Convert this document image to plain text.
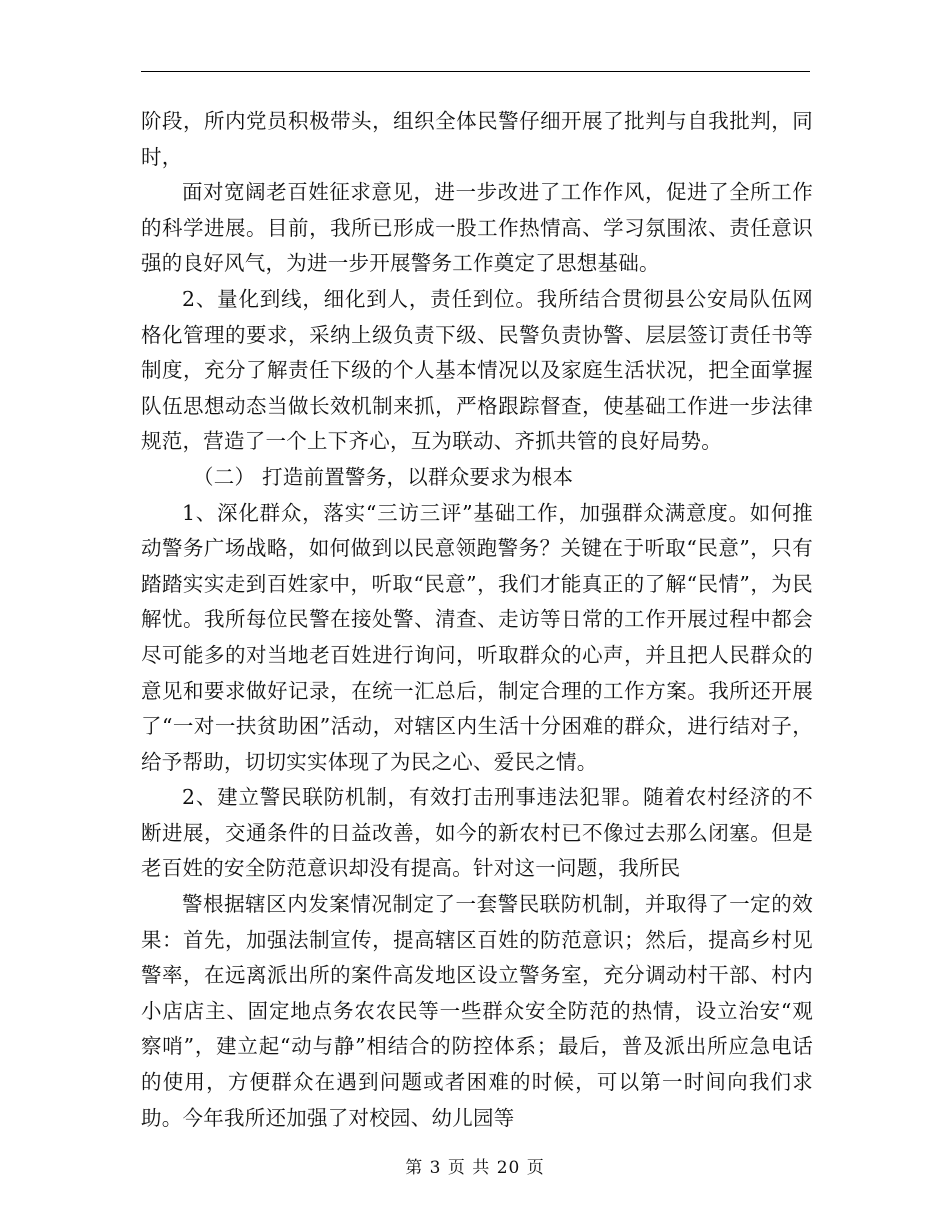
阶段，所内党员积极带头，组织全体民警仔细开展了批判与自我批判，同时，

面对宽阔老百姓征求意见，进一步改进了工作作风，促进了全所工作的科学进展。目前，我所已形成一股工作热情高、学习氛围浓、责任意识强的良好风气，为进一步开展警务工作奠定了思想基础。

2、量化到线，细化到人，责任到位。我所结合贯彻县公安局队伍网格化管理的要求，采纳上级负责下级、民警负责协警、层层签订责任书等制度，充分了解责任下级的个人基本情况以及家庭生活状况，把全面掌握队伍思想动态当做长效机制来抓，严格跟踪督查，使基础工作进一步法律规范，营造了一个上下齐心，互为联动、齐抓共管的良好局势。

（二） 打造前置警务，以群众要求为根本

1、深化群众，落实“三访三评”基础工作，加强群众满意度。如何推动警务广场战略，如何做到以民意领跑警务？关键在于听取“民意”，只有踏踏实实走到百姓家中，听取“民意”，我们才能真正的了解“民情”，为民解忧。我所每位民警在接处警、清查、走访等日常的工作开展过程中都会尽可能多的对当地老百姓进行询问，听取群众的心声，并且把人民群众的意见和要求做好记录，在统一汇总后，制定合理的工作方案。我所还开展了“一对一扶贫助困”活动，对辖区内生活十分困难的群众，进行结对子，给予帮助，切切实实体现了为民之心、爱民之情。

2、建立警民联防机制，有效打击刑事违法犯罪。随着农村经济的不断进展，交通条件的日益改善，如今的新农村已不像过去那么闭塞。但是老百姓的安全防范意识却没有提高。针对这一问题，我所民

警根据辖区内发案情况制定了一套警民联防机制，并取得了一定的效果：首先，加强法制宣传，提高辖区百姓的防范意识；然后，提高乡村见警率，在远离派出所的案件高发地区设立警务室，充分调动村干部、村内小店店主、固定地点务农农民等一些群众安全防范的热情，设立治安“观察哨”，建立起“动与静”相结合的防控体系；最后，普及派出所应急电话的使用，方便群众在遇到问题或者困难的时候，可以第一时间向我们求助。今年我所还加强了对校园、幼儿园等

第 3 页 共 20 页
